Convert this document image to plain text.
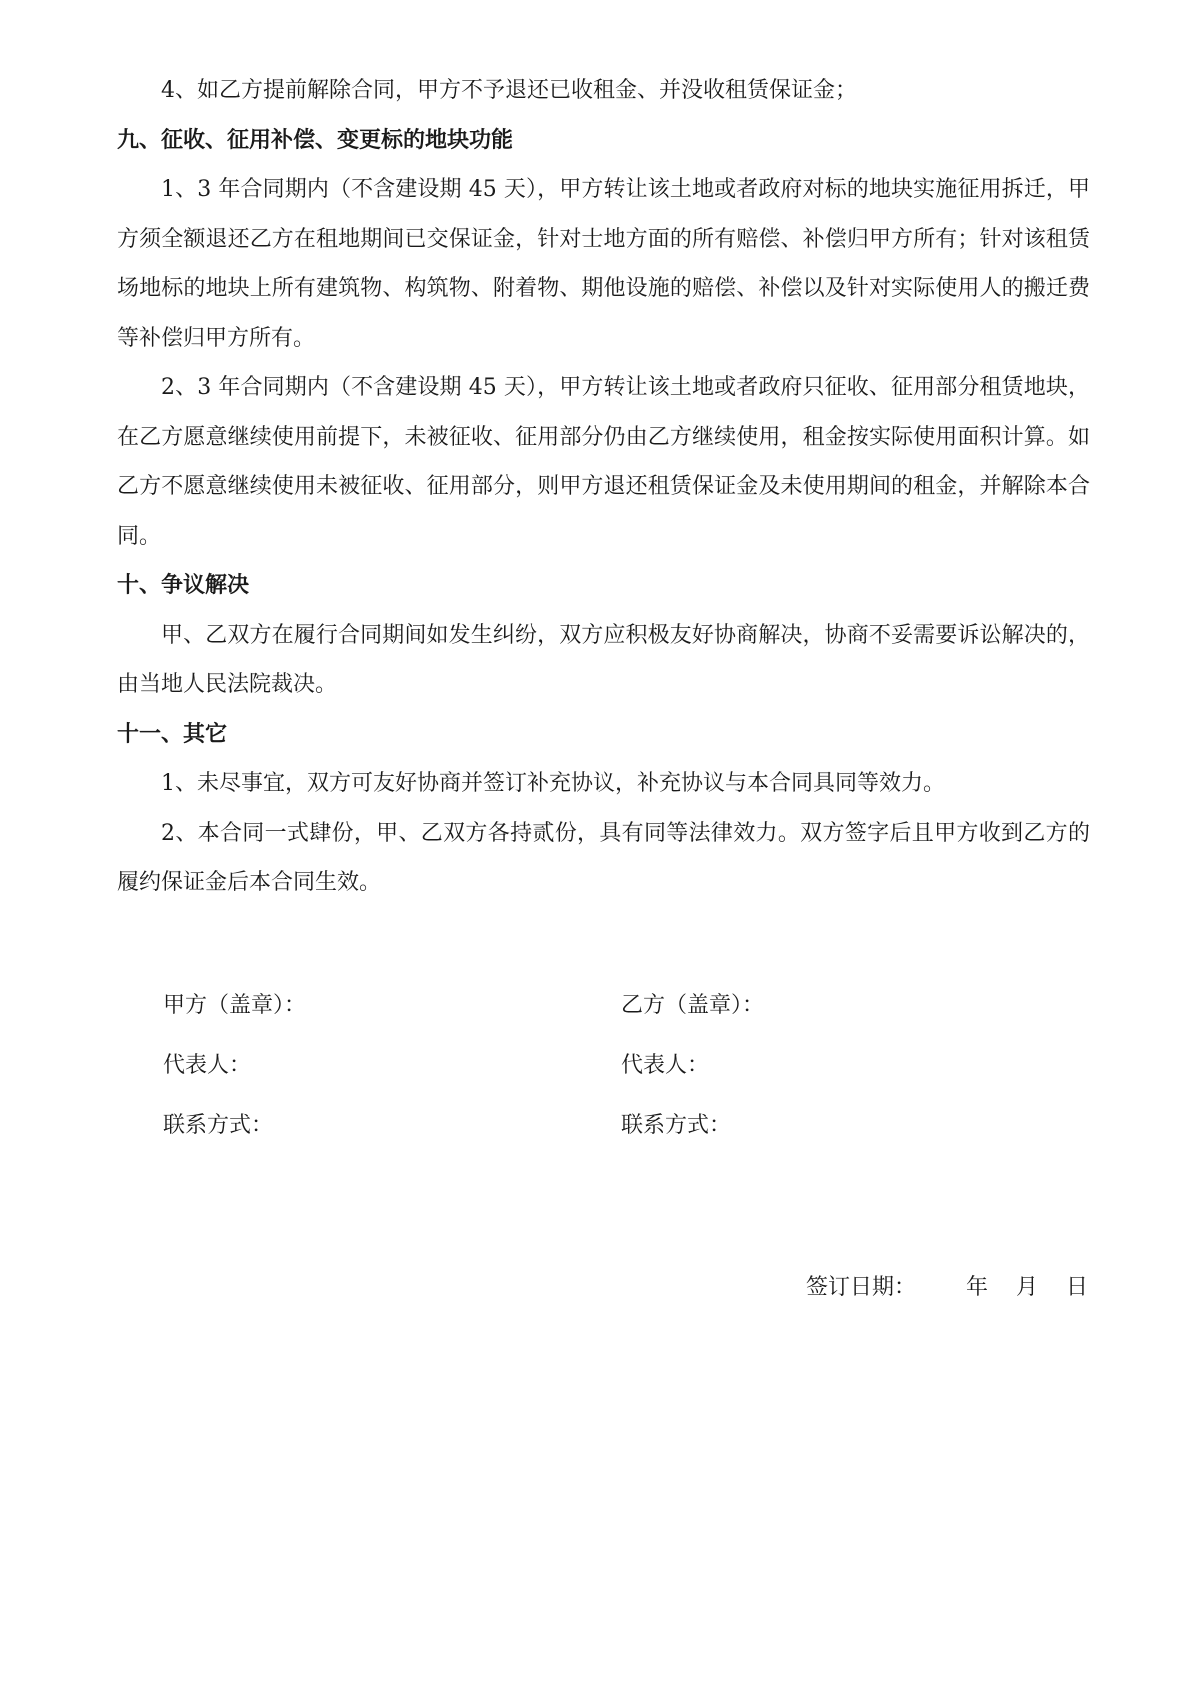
4、如乙方提前解除合同，甲方不予退还已收租金、并没收租赁保证金；

九、征收、征用补偿、变更标的地块功能

1、3 年合同期内（不含建设期 45 天），甲方转让该土地或者政府对标的地块实施征用拆迁，甲方须全额退还乙方在租地期间已交保证金，针对士地方面的所有赔偿、补偿归甲方所有；针对该租赁场地标的地块上所有建筑物、构筑物、附着物、期他设施的赔偿、补偿以及针对实际使用人的搬迁费等补偿归甲方所有。

2、3 年合同期内（不含建设期 45 天），甲方转让该土地或者政府只征收、征用部分租赁地块，在乙方愿意继续使用前提下，未被征收、征用部分仍由乙方继续使用，租金按实际使用面积计算。如乙方不愿意继续使用未被征收、征用部分，则甲方退还租赁保证金及未使用期间的租金，并解除本合同。

十、争议解决

甲、乙双方在履行合同期间如发生纠纷，双方应积极友好协商解决，协商不妥需要诉讼解决的，由当地人民法院裁决。

十一、其它

1、未尽事宜，双方可友好协商并签订补充协议，补充协议与本合同具同等效力。

2、本合同一式肆份，甲、乙双方各持贰份，具有同等法律效力。双方签字后且甲方收到乙方的履约保证金后本合同生效。

甲方（盖章）：

代表人：

联系方式：

乙方（盖章）：

代表人：

联系方式：

签订日期： 年 月 日
